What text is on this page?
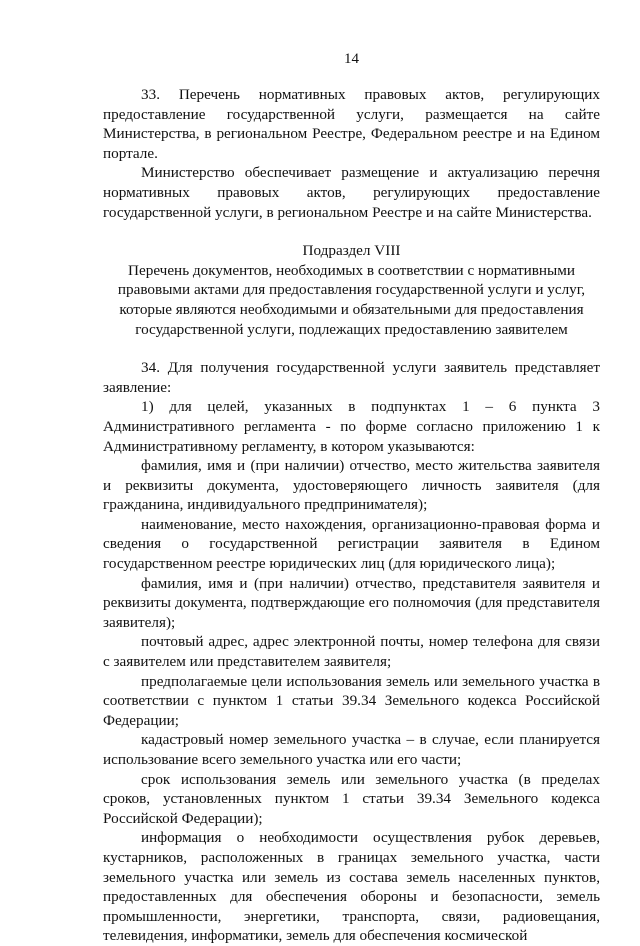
14

33. Перечень нормативных правовых актов, регулирующих предоставление государственной услуги, размещается на сайте Министерства, в региональном Реестре, Федеральном реестре и на Едином портале.

Министерство обеспечивает размещение и актуализацию перечня нормативных правовых актов, регулирующих предоставление государственной услуги, в региональном Реестре и на сайте Министерства.

Подраздел VIII

Перечень документов, необходимых в соответствии с нормативными правовыми актами для предоставления государственной услуги и услуг, которые являются необходимыми и обязательными для предоставления государственной услуги, подлежащих предоставлению заявителем

34. Для получения государственной услуги заявитель представляет заявление:

1) для целей, указанных в подпунктах 1 – 6 пункта 3 Административного регламента - по форме согласно приложению 1 к Административному регламенту, в котором указываются:

фамилия, имя и (при наличии) отчество, место жительства заявителя и реквизиты документа, удостоверяющего личность заявителя (для гражданина, индивидуального предпринимателя);

наименование, место нахождения, организационно-правовая форма и сведения о государственной регистрации заявителя в Едином государственном реестре юридических лиц (для юридического лица);

фамилия, имя и (при наличии) отчество, представителя заявителя и реквизиты документа, подтверждающие его полномочия (для представителя заявителя);

почтовый адрес, адрес электронной почты, номер телефона для связи с заявителем или представителем заявителя;

предполагаемые цели использования земель или земельного участка в соответствии с пунктом 1 статьи 39.34 Земельного кодекса Российской Федерации;

кадастровый номер земельного участка – в случае, если планируется использование всего земельного участка или его части;

срок использования земель или земельного участка (в пределах сроков, установленных пунктом 1 статьи 39.34 Земельного кодекса Российской Федерации);

информация о необходимости осуществления рубок деревьев, кустарников, расположенных в границах земельного участка, части земельного участка или земель из состава земель населенных пунктов, предоставленных для обеспечения обороны и безопасности, земель промышленности, энергетики, транспорта, связи, радиовещания, телевидения, информатики, земель для обеспечения космической
